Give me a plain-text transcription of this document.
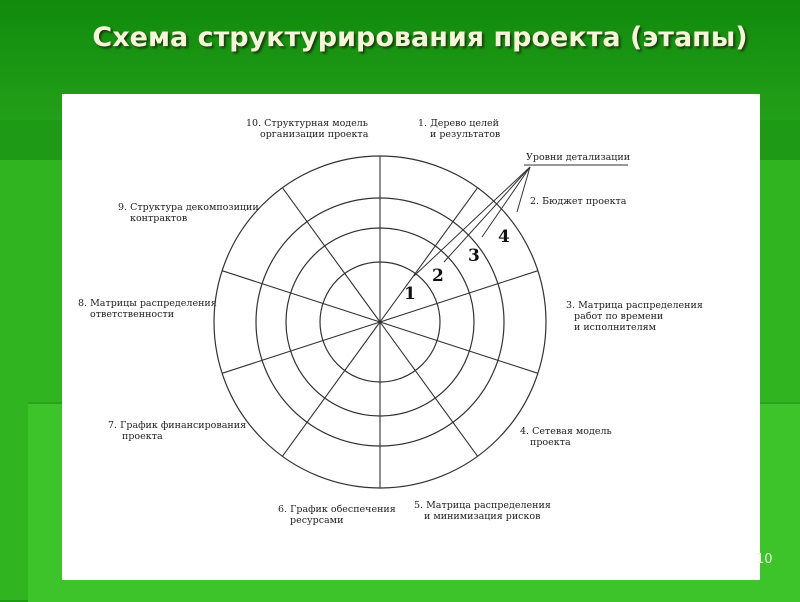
Схема структурирования проекта (этапы)
Уровни детализации
1
2
3
4
1. Дерево целей
и результатов
2. Бюджет проекта
3. Матрица распределения
работ по времени
и исполнителям
4. Сетевая модель
проекта
5. Матрица распределения
и минимизация рисков
6. График обеспечения
ресурсами
7. График финансирования
проекта
8. Матрицы распределения
ответственности
9. Структура декомпозиции
контрактов
10. Структурная модель
организации проекта
10
